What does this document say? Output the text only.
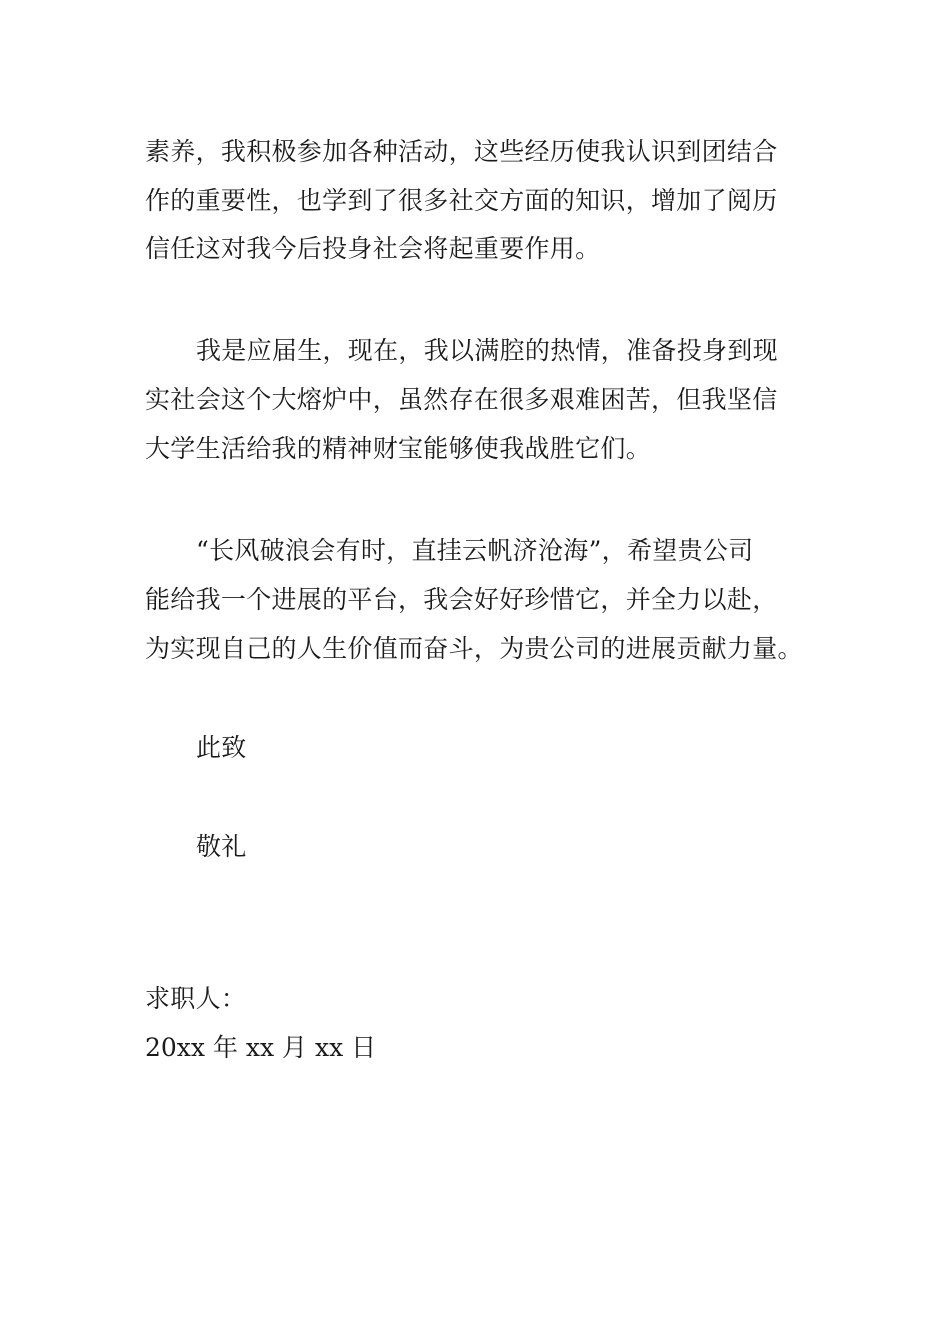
素养，我积极参加各种活动，这些经历使我认识到团结合
作的重要性，也学到了很多社交方面的知识，增加了阅历
信任这对我今后投身社会将起重要作用。
我是应届生，现在，我以满腔的热情，准备投身到现
实社会这个大熔炉中，虽然存在很多艰难困苦，但我坚信
大学生活给我的精神财宝能够使我战胜它们。
“长风破浪会有时，直挂云帆济沧海”，希望贵公司
能给我一个进展的平台，我会好好珍惜它，并全力以赴，
为实现自己的人生价值而奋斗，为贵公司的进展贡献力量。
此致
敬礼
求职人：
20xx 年 xx 月 xx 日
